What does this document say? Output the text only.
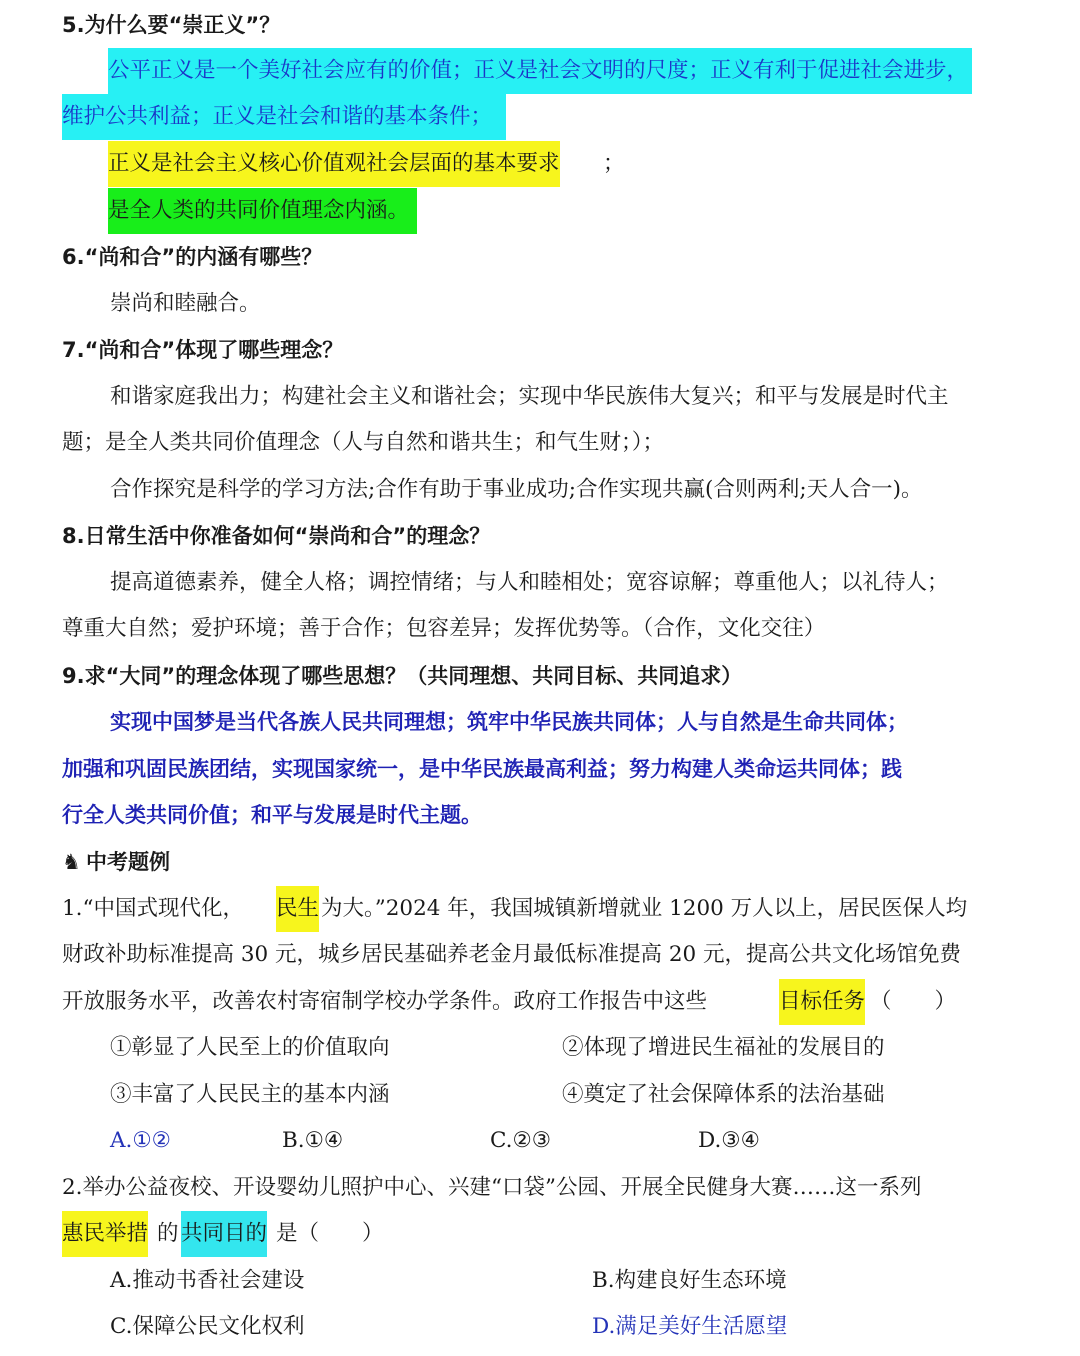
5.为什么要“崇正义”？
公平正义是一个美好社会应有的价值；正义是社会文明的尺度；正义有利于促进社会进步，
维护公共利益；正义是社会和谐的基本条件；
正义是社会主义核心价值观社会层面的基本要求 ；
是全人类的共同价值理念内涵。
6.“尚和合”的内涵有哪些？
崇尚和睦融合。
7.“尚和合”体现了哪些理念？
和谐家庭我出力；构建社会主义和谐社会；实现中华民族伟大复兴；和平与发展是时代主
题；是全人类共同价值理念（人与自然和谐共生；和气生财；）；
合作探究是科学的学习方法;合作有助于事业成功;合作实现共赢(合则两利;天人合一)。
8.日常生活中你准备如何“崇尚和合”的理念？
提高道德素养，健全人格；调控情绪；与人和睦相处；宽容谅解；尊重他人；以礼待人；
尊重大自然；爱护环境；善于合作；包容差异；发挥优势等。（合作，文化交往）
9.求“大同”的理念体现了哪些思想？（共同理想、共同目标、共同追求）
实现中国梦是当代各族人民共同理想；筑牢中华民族共同体；人与自然是生命共同体；
加强和巩固民族团结，实现国家统一，是中华民族最高利益；努力构建人类命运共同体；践
行全人类共同价值；和平与发展是时代主题。
♞ 中考题例
1.“中国式现代化， 民生 为大。”2024 年，我国城镇新增就业 1200 万人以上，居民医保人均
财政补助标准提高 30 元，城乡居民基础养老金月最低标准提高 20 元，提高公共文化场馆免费
开放服务水平，改善农村寄宿制学校办学条件。政府工作报告中这些	目标任务 （　　）
①彰显了人民至上的价值取向	②体现了增进民生福祉的发展目的
③丰富了人民民主的基本内涵	④奠定了社会保障体系的法治基础
A.①②	B.①④	C.②③	D.③④
2.举办公益夜校、开设婴幼儿照护中心、兴建“口袋”公园、开展全民健身大赛……这一系列
惠民举措 的 共同目的 是（　　）
A.推动书香社会建设	B.构建良好生态环境
C.保障公民文化权利	D.满足美好生活愿望
